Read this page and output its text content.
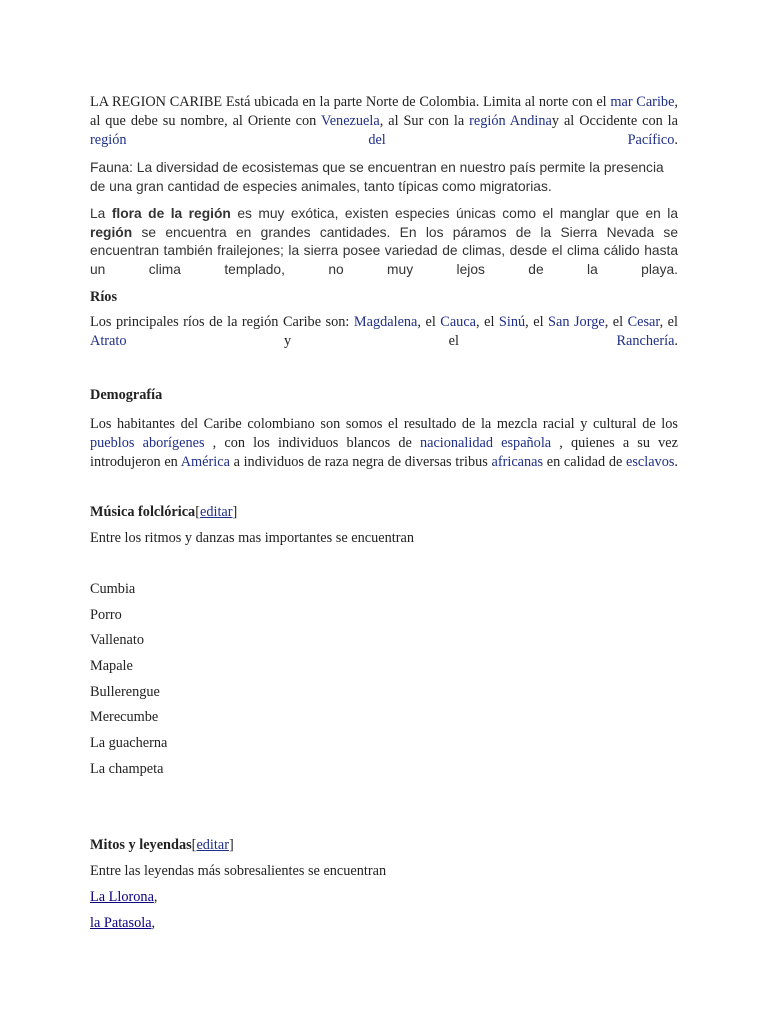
LA REGION CARIBE Está ubicada en la parte Norte de Colombia. Limita al norte con el mar Caribe, al que debe su nombre, al Oriente con Venezuela, al Sur con la región Andinay al Occidente con la región del Pacífico.

Fauna: La diversidad de ecosistemas que se encuentran en nuestro país permite la presencia de una gran cantidad de especies animales, tanto típicas como migratorias.

La flora de la región es muy exótica, existen especies únicas como el manglar que en la región se encuentra en grandes cantidades. En los páramos de la Sierra Nevada se encuentran también frailejones; la sierra posee variedad de climas, desde el clima cálido hasta un clima templado, no muy lejos de la playa.

Ríos

Los principales ríos de la región Caribe son: Magdalena, el Cauca, el Sinú, el San Jorge, el Cesar, el Atrato y el Ranchería.

Demografía

Los habitantes del Caribe colombiano son somos el resultado de la mezcla racial y cultural de los pueblos aborígenes , con los individuos blancos de nacionalidad española , quienes a su vez introdujeron en América a individuos de raza negra de diversas tribus africanas en calidad de esclavos.

Música folclórica[editar]

Entre los ritmos y danzas mas importantes se encuentran

Cumbia

Porro

Vallenato

Mapale

Bullerengue

Merecumbe

La guacherna

La champeta

Mitos y leyendas[editar]

Entre las leyendas más sobresalientes se encuentran

La Llorona,

la Patasola,
